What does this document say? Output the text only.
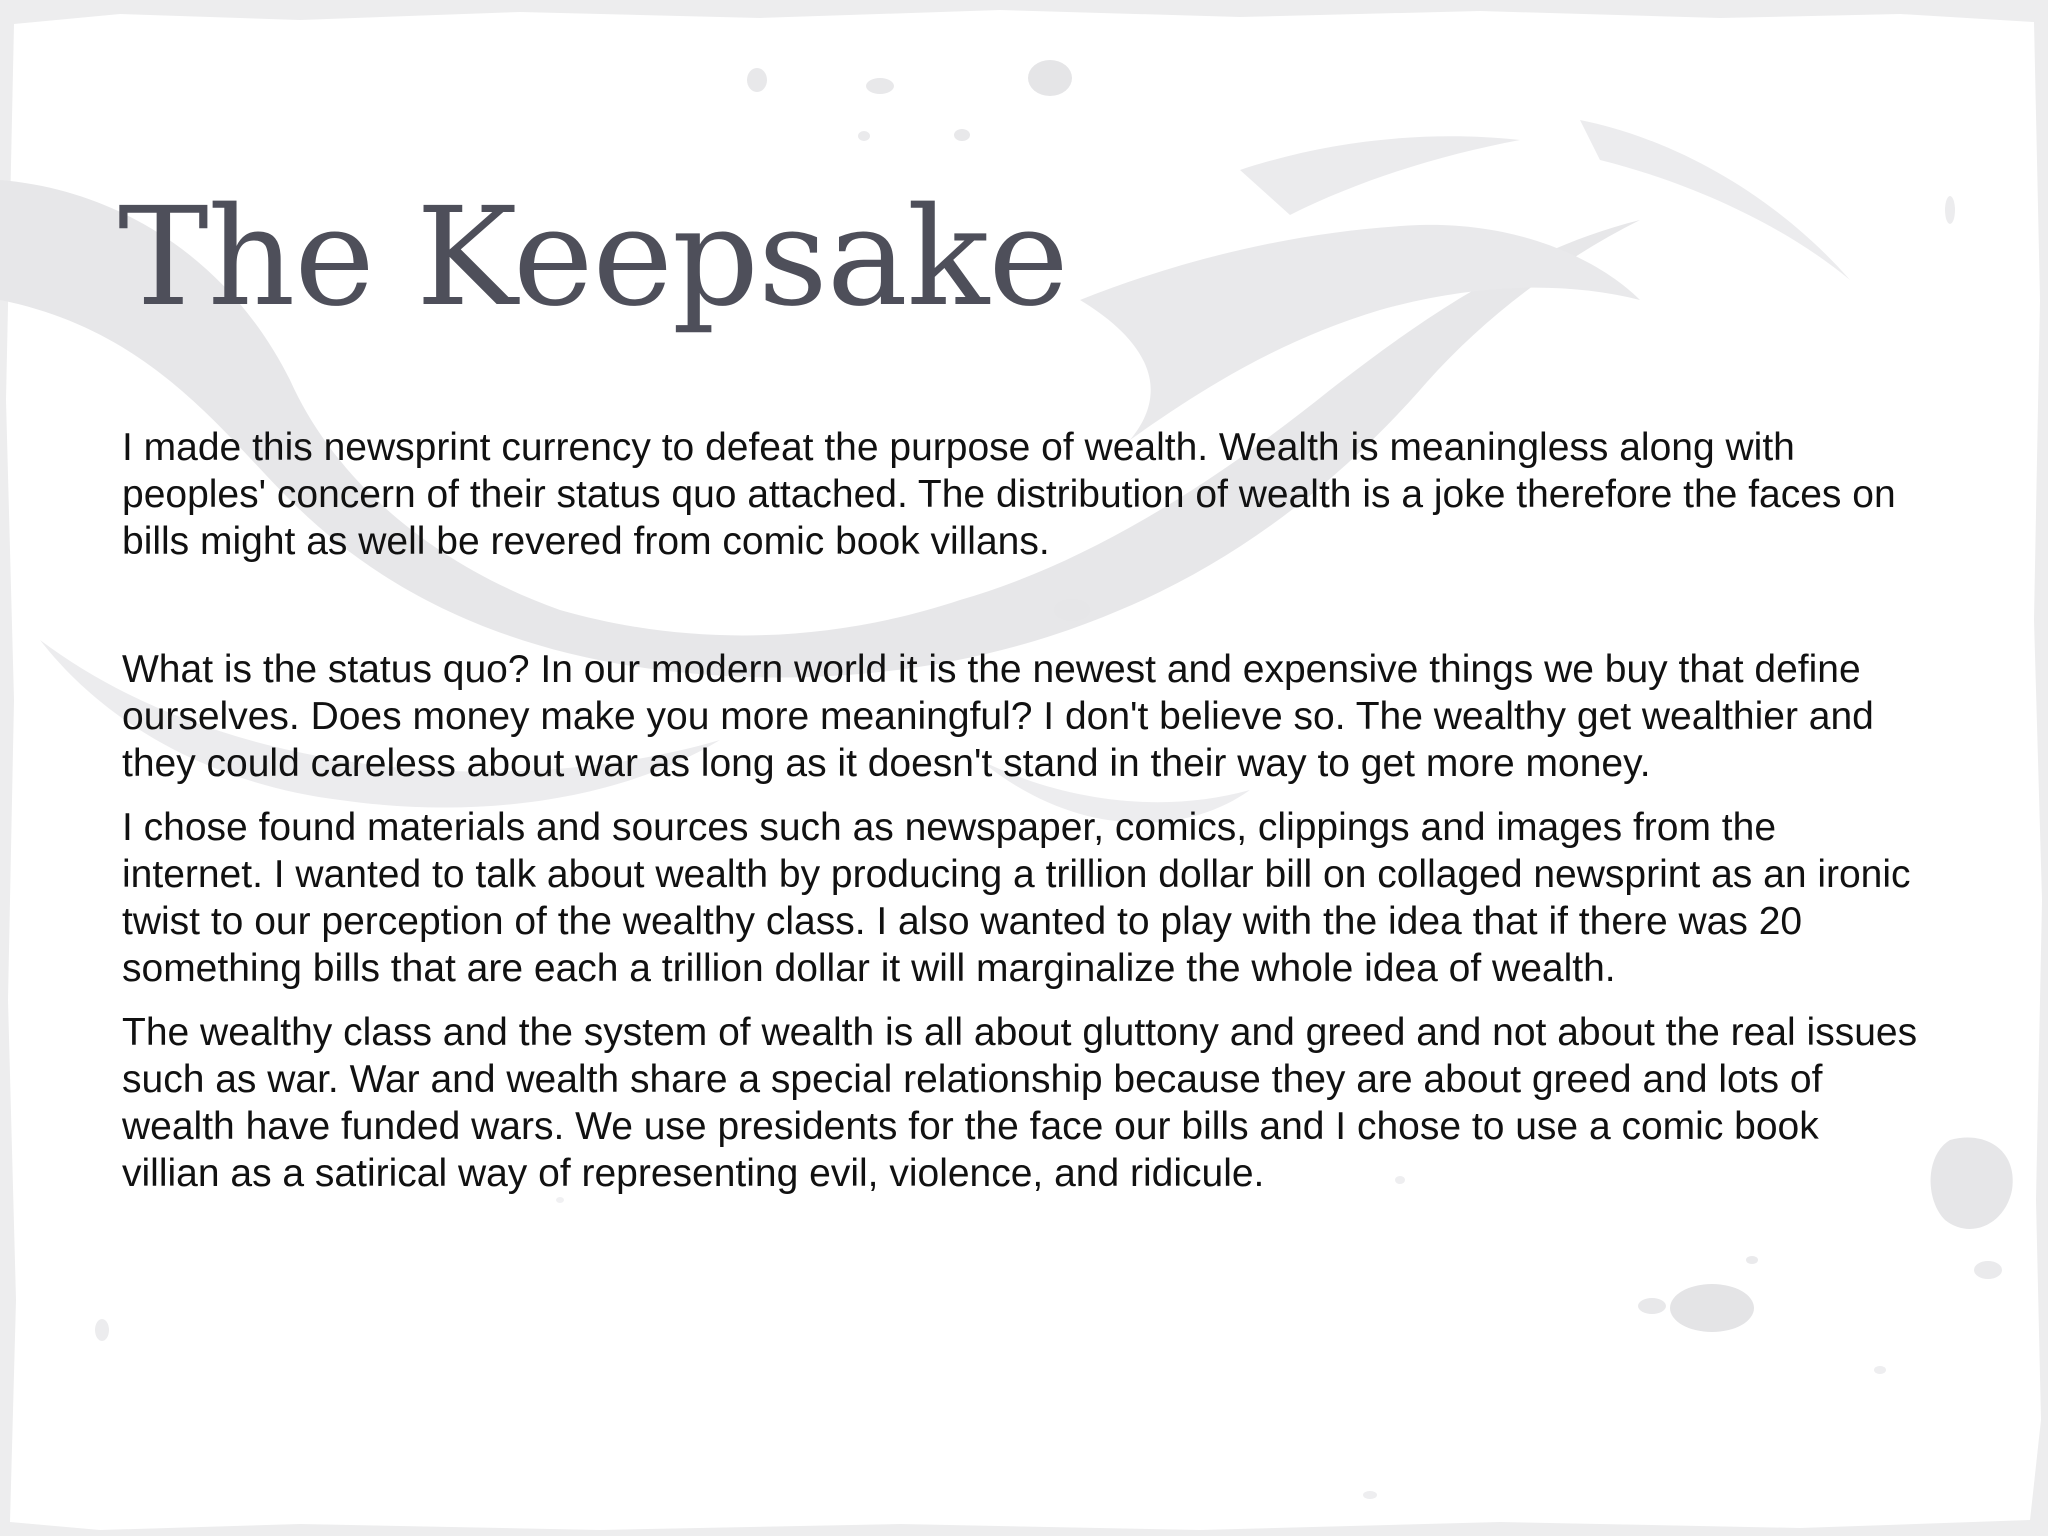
The Keepsake

I made this newsprint currency to defeat the purpose of wealth. Wealth is meaningless along with peoples' concern of their status quo attached. The distribution of wealth is a joke therefore the faces on bills might as well be revered from comic book villans.

What is the status quo? In our modern world it is the newest and expensive things we buy that define ourselves. Does money make you more meaningful? I don't believe so. The wealthy get wealthier and they could careless about war as long as it doesn't stand in their way to get more money.

I chose found materials and sources such as newspaper, comics, clippings and images from the internet. I wanted to talk about wealth by producing a trillion dollar bill on collaged newsprint as an ironic twist to our perception of the wealthy class. I also wanted to play with the idea that if there was 20 something bills that are each a trillion dollar it will marginalize the whole idea of wealth.

The wealthy class and the system of wealth is all about gluttony and greed and not about the real issues such as war. War and wealth share a special relationship because they are about greed and lots of wealth have funded wars. We use presidents for the face our bills and I chose to use a comic book villian as a satirical way of representing evil, violence, and ridicule.
